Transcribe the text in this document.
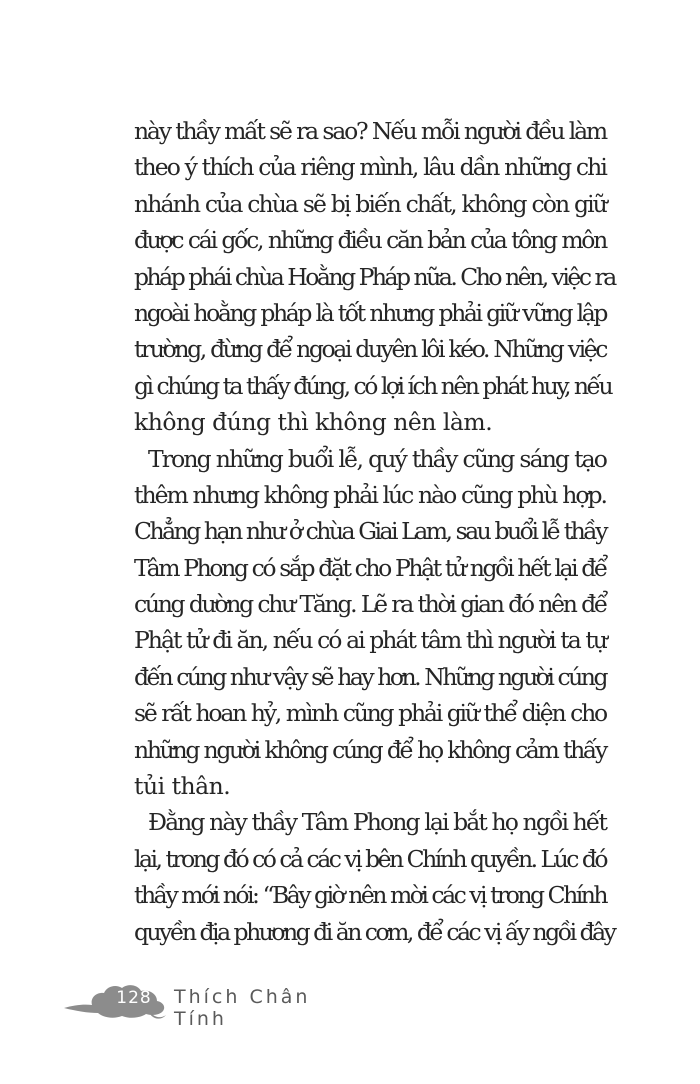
này thầy mất sẽ ra sao? Nếu mỗi người đều làm
theo ý thích của riêng mình, lâu dần những chi
nhánh của chùa sẽ bị biến chất, không còn giữ
được cái gốc, những điều căn bản của tông môn
pháp phái chùa Hoằng Pháp nữa. Cho nên, việc ra
ngoài hoằng pháp là tốt nhưng phải giữ vững lập
trường, đừng để ngoại duyên lôi kéo. Những việc
gì chúng ta thấy đúng, có lợi ích nên phát huy, nếu
không đúng thì không nên làm.
Trong những buổi lễ, quý thầy cũng sáng tạo
thêm nhưng không phải lúc nào cũng phù hợp.
Chẳng hạn như ở chùa Giai Lam, sau buổi lễ thầy
Tâm Phong có sắp đặt cho Phật tử ngồi hết lại để
cúng dường chư Tăng. Lẽ ra thời gian đó nên để
Phật tử đi ăn, nếu có ai phát tâm thì người ta tự
đến cúng như vậy sẽ hay hơn. Những người cúng
sẽ rất hoan hỷ, mình cũng phải giữ thể diện cho
những người không cúng để họ không cảm thấy
tủi thân.
Đằng này thầy Tâm Phong lại bắt họ ngồi hết
lại, trong đó có cả các vị bên Chính quyền. Lúc đó
thầy mới nói: “Bây giờ nên mời các vị trong Chính
quyền địa phương đi ăn cơm, để các vị ấy ngồi đây
128	Thích Chân Tính
